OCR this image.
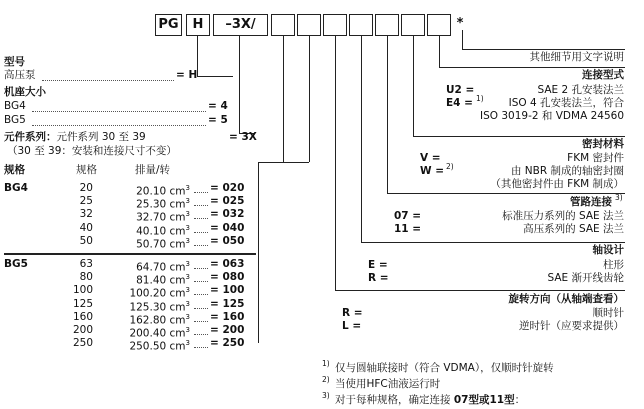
PG	H	–3X/	*
其他细节用文字说明
连接型式
U2 =	SAE 2 孔安装法兰
E4 = 1) ISO 4 孔安装法兰，符合
ISO 3019-2 和 VDMA 24560
密封材料
V =	FKM 密封件
W = 2)	由 NBR 制成的轴密封圈
（其他密封件由 FKM 制成）
管路连接 3)
07 =	标准压力系列的 SAE 法兰
11 =	高压系列的 SAE 法兰
轴设计
E =	柱形
R =	SAE 渐开线齿轮
旋转方向（从轴端查看）
R =	顺时针
L =	逆时针（应要求提供）
型号
高压泵	= H
机座大小
BG4	= 4
BG5	= 5
元件系列：元件系列 30 至 39	= 3X
（30 至 39：安装和连接尺寸不变）
规格	规格	排量/转
BG4	20	20.10 $cm^3 = 020$
25	25.30 $cm^3 = 025$
32	32.70 $cm^3 = 032$
40	40.10 $cm^3 = 040$
50	50.70 $cm^3 = 050$
BG5	63	64.70 $cm^3 = 063$
80	81.40 $cm^3 = 080$
100	100.20 $cm^3 = 100$
125	125.30 $cm^3 = 125$
160	162.80 $cm^3 = 160$
200	200.40 $cm^3 = 200$
250	250.50 $cm^3 = 250$
1) 仅与圆轴联接时（符合 VDMA），仅顺时针旋转
2) 当使用HFC油液运行时
3) 对于每种规格，确定连接 07型或11型：
